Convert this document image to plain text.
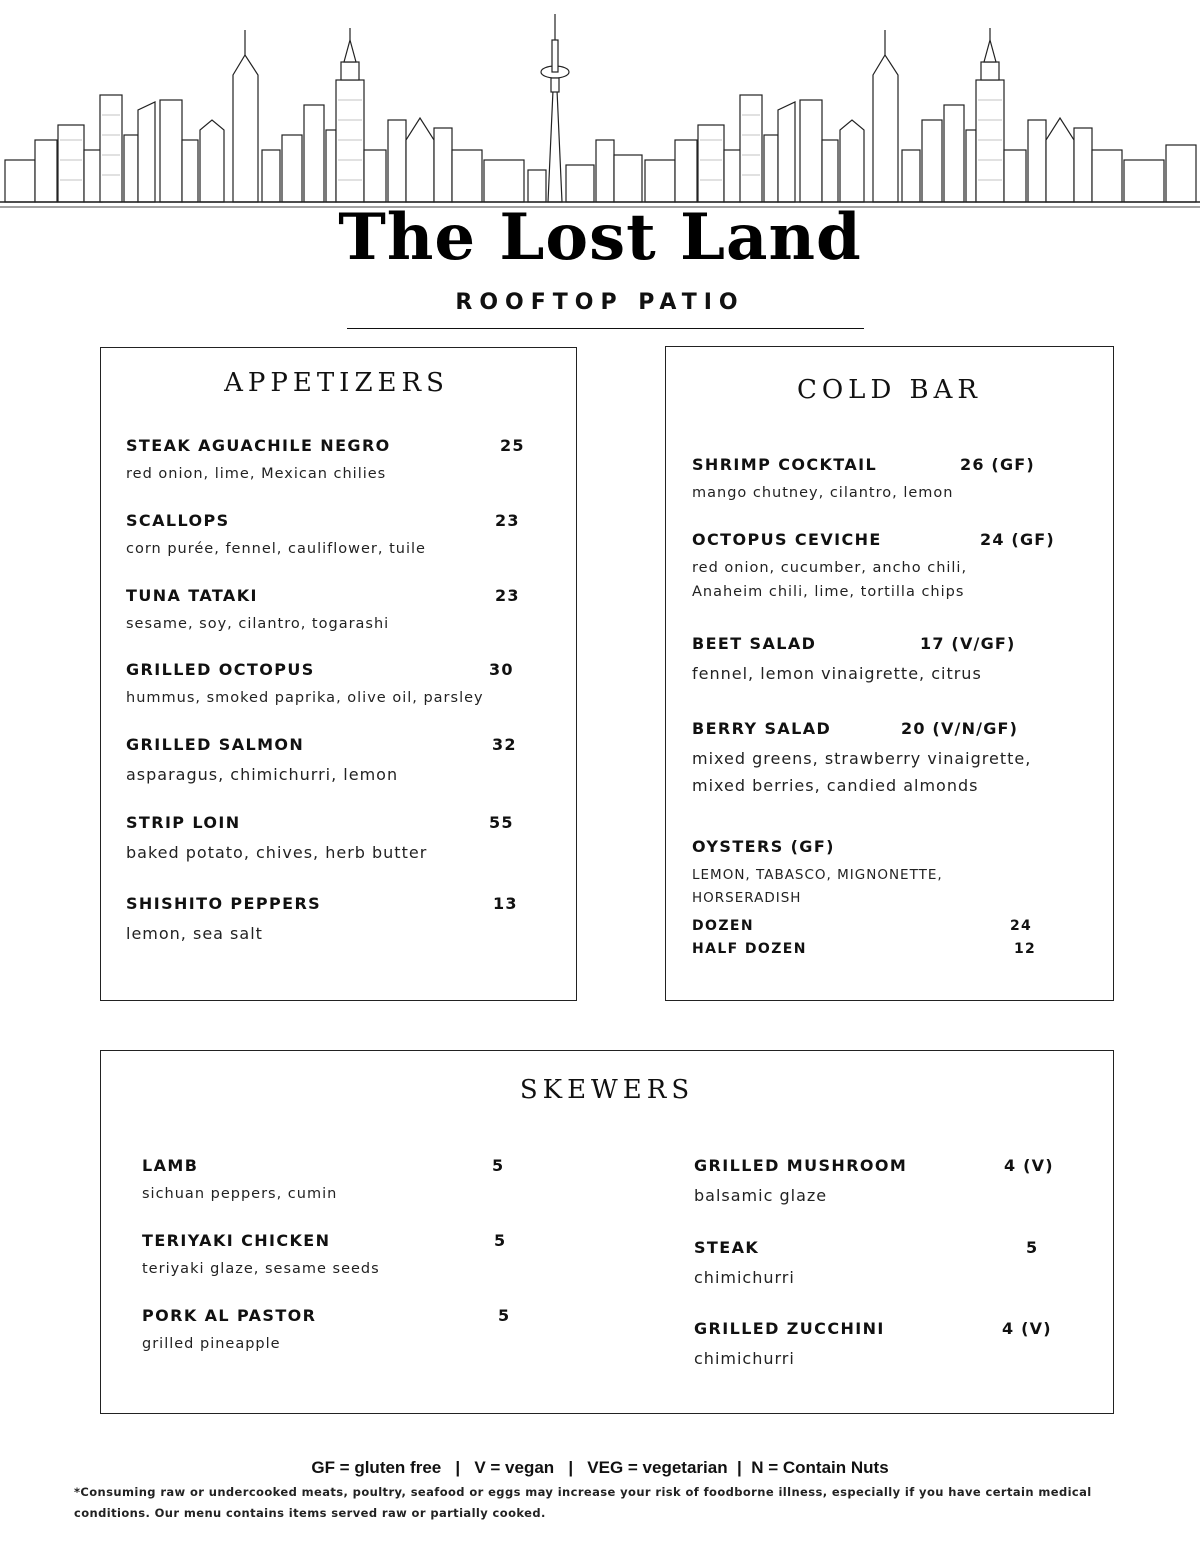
The Lost Land
ROOFTOP PATIO
APPETIZERS
STEAK AGUACHILE NEGRO	25
red onion, lime, Mexican chilies
SCALLOPS	23
corn purée, fennel, cauliflower, tuile
TUNA TATAKI	23
sesame, soy, cilantro, togarashi
GRILLED OCTOPUS	30
hummus, smoked paprika, olive oil, parsley
GRILLED SALMON	32
asparagus, chimichurri, lemon
STRIP LOIN	55
baked potato, chives, herb butter
SHISHITO PEPPERS	13
lemon, sea salt
COLD BAR
SHRIMP COCKTAIL	26 (GF)
mango chutney, cilantro, lemon
OCTOPUS CEVICHE	24 (GF)
red onion, cucumber, ancho chili,
Anaheim chili, lime, tortilla chips
BEET SALAD	17 (V/GF)
fennel, lemon vinaigrette, citrus
BERRY SALAD	20 (V/N/GF)
mixed greens, strawberry vinaigrette,
mixed berries, candied almonds
OYSTERS (GF)
LEMON, TABASCO, MIGNONETTE,
HORSERADISH
DOZEN	24
HALF DOZEN	12
SKEWERS
LAMB	5
sichuan peppers, cumin
TERIYAKI CHICKEN	5
teriyaki glaze, sesame seeds
PORK AL PASTOR	5
grilled pineapple
GRILLED MUSHROOM	4 (V)
balsamic glaze
STEAK	5
chimichurri
GRILLED ZUCCHINI	4 (V)
chimichurri
GF = gluten free   |   V = vegan   |   VEG = vegetarian  |  N = Contain Nuts
*Consuming raw or undercooked meats, poultry, seafood or eggs may increase your risk of foodborne illness, especially if you have certain medical conditions. Our menu contains items served raw or partially cooked.
